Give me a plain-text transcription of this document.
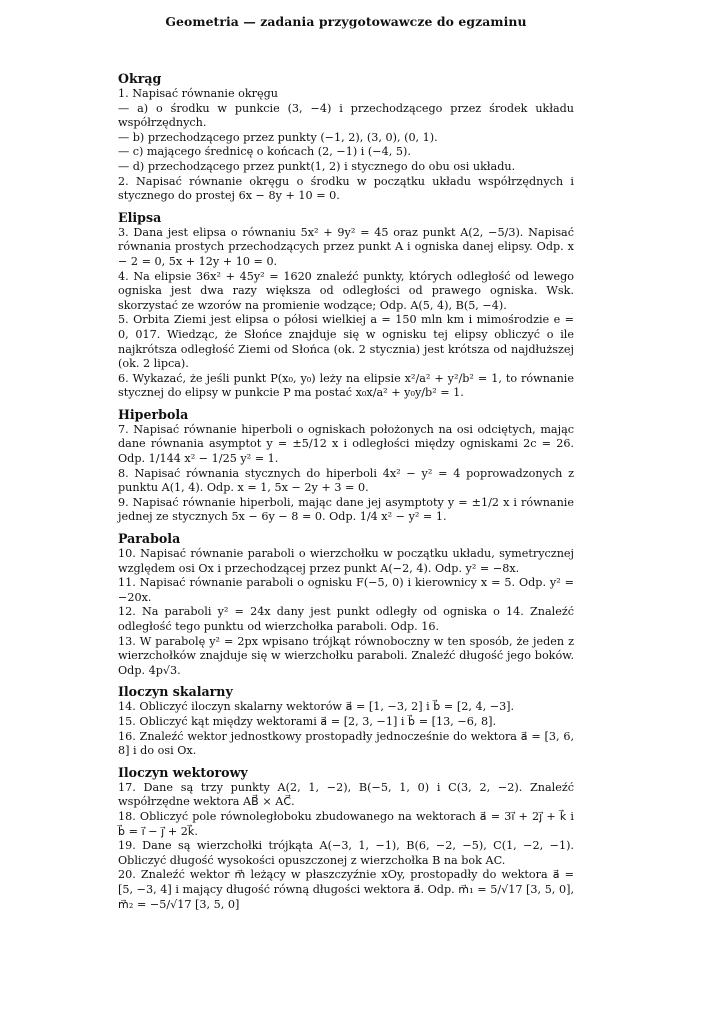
Geometria — zadania przygotowawcze do egzaminu
Okrąg

1. Napisać równanie okręgu

— a) o środku w punkcie (3, −4) i przechodzącego przez środek układu współrzędnych.

— b) przechodzącego przez punkty (−1, 2), (3, 0), (0, 1).

— c) mającego średnicę o końcach (2, −1) i (−4, 5).

— d) przechodzącego przez punkt(1, 2) i stycznego do obu osi układu.

2. Napisać równanie okręgu o środku w początku układu współrzędnych i stycznego do prostej 6x − 8y + 10 = 0.

Elipsa

3. Dana jest elipsa o równaniu 5x² + 9y² = 45 oraz punkt A(2, −5/3). Napisać równania prostych przechodzących przez punkt A i ogniska danej elipsy. Odp. x − 2 = 0, 5x + 12y + 10 = 0.

4. Na elipsie 36x² + 45y² = 1620 znaleźć punkty, których odległość od lewego ogniska jest dwa razy większa od odległości od prawego ogniska. Wsk. skorzystać ze wzorów na promienie wodzące; Odp. A(5, 4), B(5, −4).

5. Orbita Ziemi jest elipsa o półosi wielkiej a = 150 mln km i mimośrodzie e = 0, 017. Wiedząc, że Słońce znajduje się w ognisku tej elipsy obliczyć o ile najkrótsza odległość Ziemi od Słońca (ok. 2 stycznia) jest krótsza od najdłuższej (ok. 2 lipca).

6. Wykazać, że jeśli punkt P(x₀, y₀) leży na elipsie x²/a² + y²/b² = 1, to równanie stycznej do elipsy w punkcie P ma postać x₀x/a² + y₀y/b² = 1.

Hiperbola

7. Napisać równanie hiperboli o ogniskach położonych na osi odciętych, mając dane równania asymptot y = ±5/12 x i odległości między ogniskami 2c = 26. Odp. 1/144 x² − 1/25 y² = 1.

8. Napisać równania stycznych do hiperboli 4x² − y² = 4 poprowadzonych z punktu A(1, 4). Odp. x = 1, 5x − 2y + 3 = 0.

9. Napisać równanie hiperboli, mając dane jej asymptoty y = ±1/2 x i równanie jednej ze stycznych 5x − 6y − 8 = 0. Odp. 1/4 x² − y² = 1.

Parabola

10. Napisać równanie paraboli o wierzchołku w początku układu, symetrycznej względem osi Ox i przechodzącej przez punkt A(−2, 4). Odp. y² = −8x.

11. Napisać równanie paraboli o ognisku F(−5, 0) i kierownicy x = 5. Odp. y² = −20x.

12. Na paraboli y² = 24x dany jest punkt odległy od ogniska o 14. Znaleźć odległość tego punktu od wierzchołka paraboli. Odp. 16.

13. W parabolę y² = 2px wpisano trójkąt równoboczny w ten sposób, że jeden z wierzchołków znajduje się w wierzchołku paraboli. Znaleźć długość jego boków. Odp. 4p√3.

Iloczyn skalarny

14. Obliczyć iloczyn skalarny wektorów a⃗ = [1, −3, 2] i b⃗ = [2, 4, −3].

15. Obliczyć kąt między wektorami a⃗ = [2, 3, −1] i b⃗ = [13, −6, 8].

16. Znaleźć wektor jednostkowy prostopadły jednocześnie do wektora a⃗ = [3, 6, 8] i do osi Ox.

Iloczyn wektorowy

17. Dane są trzy punkty A(2, 1, −2), B(−5, 1, 0) i C(3, 2, −2). Znaleźć współrzędne wektora AB⃗ × AC⃗.

18. Obliczyć pole równoległoboku zbudowanego na wektorach a⃗ = 3i⃗ + 2j⃗ + k⃗ i b⃗ = i⃗ − j⃗ + 2k⃗.

19. Dane są wierzchołki trójkąta A(−3, 1, −1), B(6, −2, −5), C(1, −2, −1). Obliczyć długość wysokości opuszczonej z wierzchołka B na bok AC.

20. Znaleźć wektor m⃗ leżący w płaszczyźnie xOy, prostopadły do wektora a⃗ = [5, −3, 4] i mający długość równą długości wektora a⃗. Odp. m⃗₁ = 5/√17 [3, 5, 0], m⃗₂ = −5/√17 [3, 5, 0]
